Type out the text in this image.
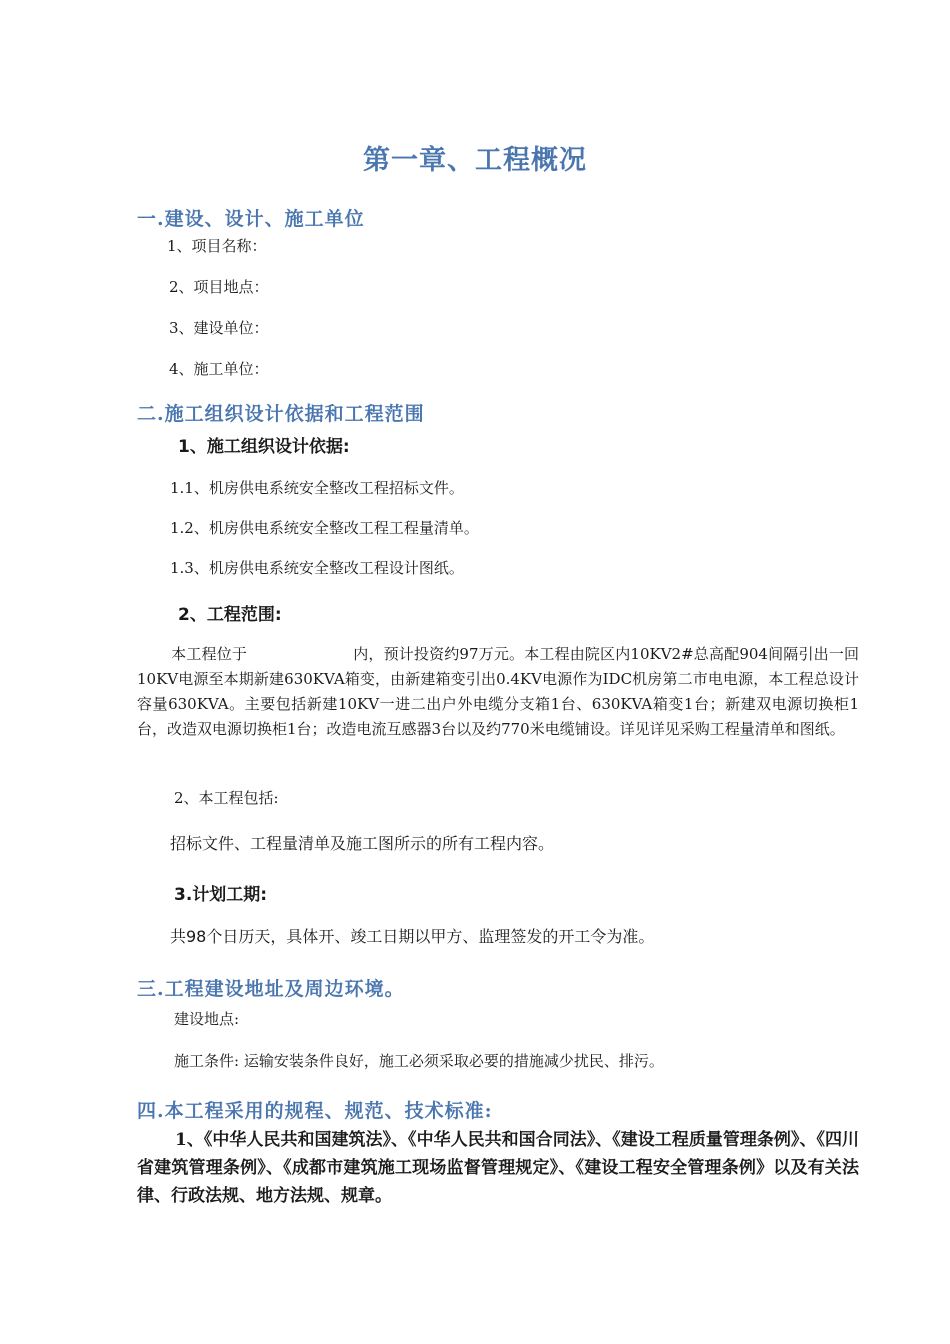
第一章、工程概况
一.建设、设计、施工单位
1、项目名称：
2、项目地点：
3、建设单位：
4、施工单位：
二.施工组织设计依据和工程范围
1、施工组织设计依据:
1.1、机房供电系统安全整改工程招标文件。
1.2、机房供电系统安全整改工程工程量清单。
1.3、机房供电系统安全整改工程设计图纸。
2、工程范围:
本工程位于	内，预计投资约97万元。本工程由院区内10KV2#总高配904间隔引出一回10KV电源至本期新建630KVA箱变，由新建箱变引出0.4KV电源作为IDC机房第二市电电源，本工程总设计容量630KVA。主要包括新建10KV一进二出户外电缆分支箱1台、630KVA箱变1台；新建双电源切换柜1台，改造双电源切换柜1台；改造电流互感器3台以及约770米电缆铺设。详见详见采购工程量清单和图纸。
2、本工程包括:
招标文件、工程量清单及施工图所示的所有工程内容。
3.计划工期:
共98个日历天，具体开、竣工日期以甲方、监理签发的开工令为准。
三.工程建设地址及周边环境。
建设地点:
施工条件: 运输安装条件良好，施工必须采取必要的措施减少扰民、排污。
四.本工程采用的规程、规范、技术标准:
1、《中华人民共和国建筑法》、《中华人民共和国合同法》、《建设工程质量管理条例》、《四川省建筑管理条例》、《成都市建筑施工现场监督管理规定》、《建设工程安全管理条例》以及有关法律、行政法规、地方法规、规章。
